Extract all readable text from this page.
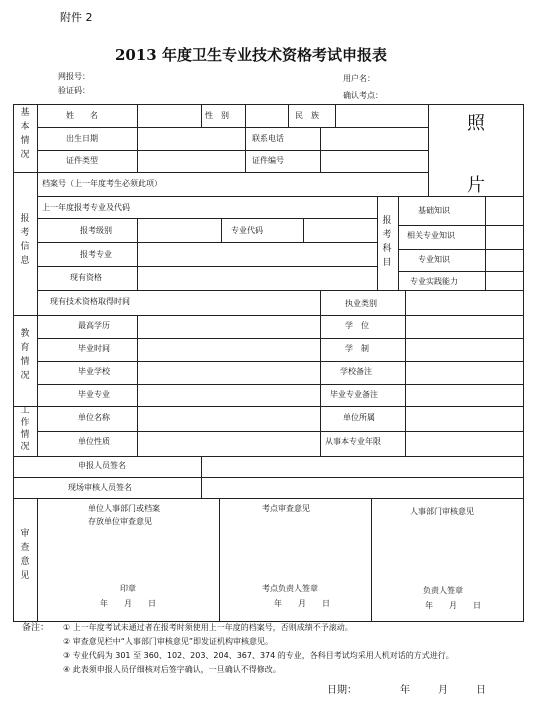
附件 2
2013 年度卫生专业技术资格考试申报表
网报号：
验证码：
用户名：
确认考点：
基本情况
报考信息
教育情况
工作情况
审查意见
照
片
姓　　名	性　别	民　族
出生日期	联系电话
证件类型	证件编号
档案号（上一年度考生必须此项）
上一年度报考专业及代码
报考级别	专业代码
报考专业
现有资格
现有技术资格取得时间	执业类别
报考科目
基础知识
相关专业知识
专业知识
专业实践能力
最高学历	学　位
毕业时间	学　制
毕业学校	学校备注
毕业专业	毕业专业备注
单位名称	单位所属
单位性质	从事本专业年限
申报人员签名
现场审核人员签名
单位人事部门或档案
存放单位审查意见
印章
年　　月　　日
考点审查意见
考点负责人签章
年　　月　　日
人事部门审核意见
负责人签章
年　　月　　日
备注： ① 上一年度考试未通过者在报考时须使用上一年度的档案号，否则成绩不予滚动。
② 审查意见栏中“人事部门审核意见”即发证机构审核意见。
③ 专业代码为 301 至 360、102、203、204、367、374 的专业，各科目考试均采用人机对话的方式进行。
④ 此表须申报人员仔细核对后签字确认，一旦确认不得修改。
日期：	年	月	日
